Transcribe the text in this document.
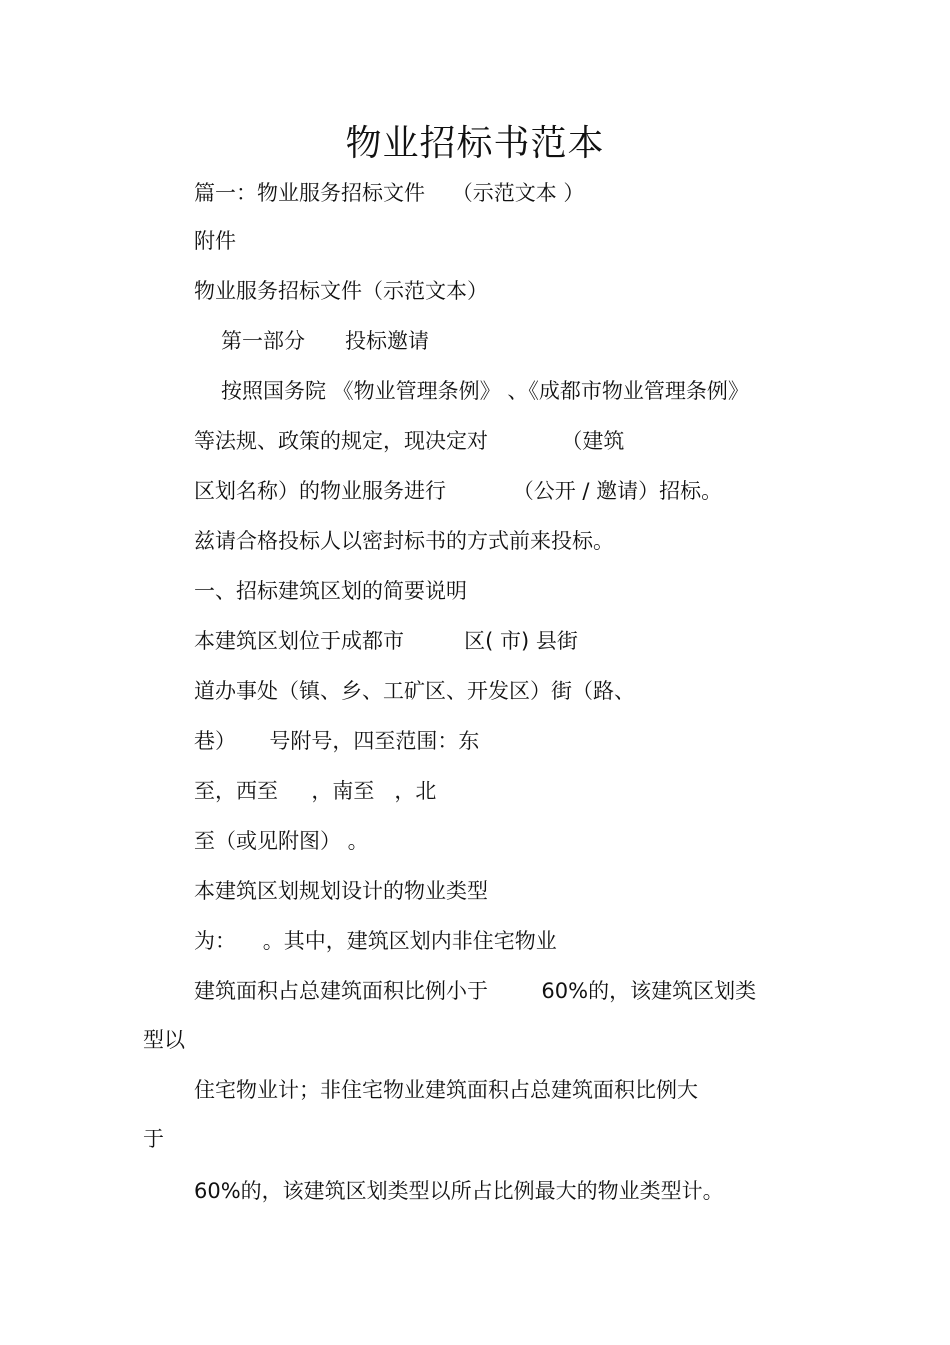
物业招标书范本
篇一：物业服务招标文件    （示范文本 ）
附件
物业服务招标文件（示范文本）
第一部分      投标邀请
按照国务院 《物业管理条例》 、《成都市物业管理条例》
等法规、政策的规定，现决定对           （建筑
区划名称）的物业服务进行          （公开 / 邀请）招标。
兹请合格投标人以密封标书的方式前来投标。
一、招标建筑区划的简要说明
本建筑区划位于成都市         区( 市) 县街
道办事处（镇、乡、工矿区、开发区）街（路、
巷）     号附号，四至范围：东
至，西至     ，南至   ，北
至（或见附图） 。
本建筑区划规划设计的物业类型
为：    。其中，建筑区划内非住宅物业
建筑面积占总建筑面积比例小于        60%的，该建筑区划类
型以
住宅物业计；非住宅物业建筑面积占总建筑面积比例大
于
60%的，该建筑区划类型以所占比例最大的物业类型计。
